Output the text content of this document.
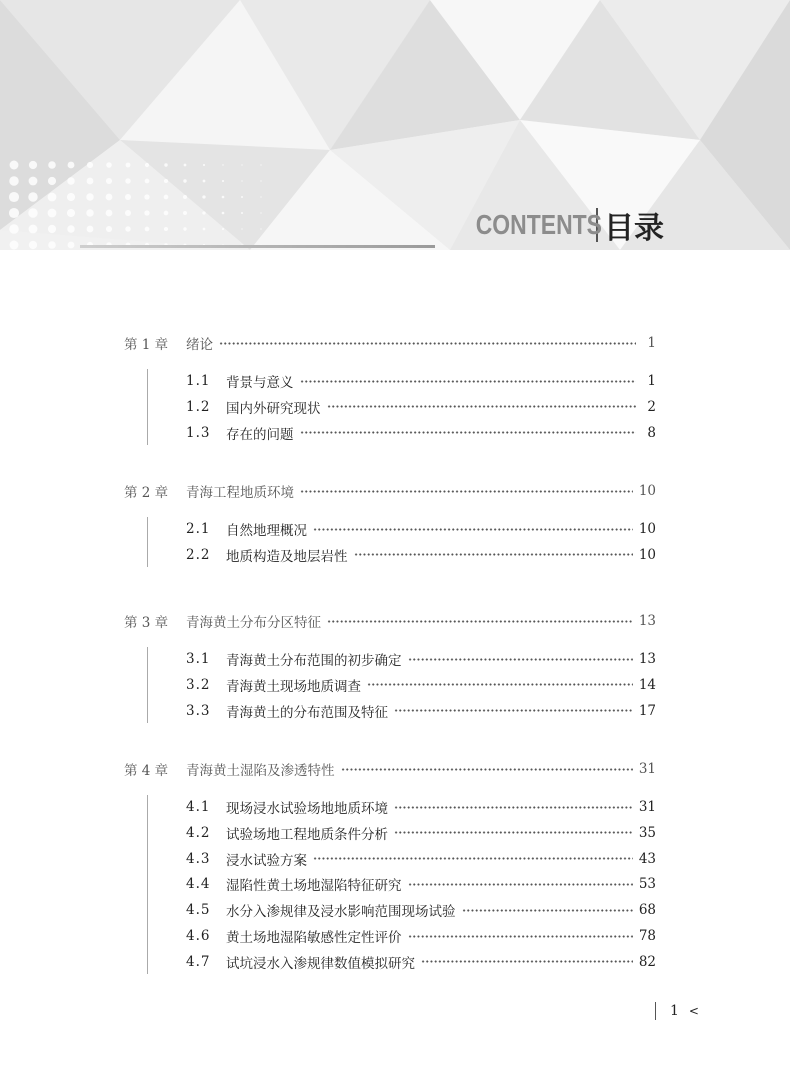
CONTENTS 目录
第 1 章	绪论	1
1.1	背景与意义	1
1.2	国内外研究现状	2
1.3	存在的问题	8
第 2 章	青海工程地质环境	10
2.1	自然地理概况	10
2.2	地质构造及地层岩性	10
第 3 章	青海黄土分布分区特征	13
3.1	青海黄土分布范围的初步确定	13
3.2	青海黄土现场地质调查	14
3.3	青海黄土的分布范围及特征	17
第 4 章	青海黄土湿陷及渗透特性	31
4.1	现场浸水试验场地地质环境	31
4.2	试验场地工程地质条件分析	35
4.3	浸水试验方案	43
4.4	湿陷性黄土场地湿陷特征研究	53
4.5	水分入渗规律及浸水影响范围现场试验	68
4.6	黄土场地湿陷敏感性定性评价	78
4.7	试坑浸水入渗规律数值模拟研究	82
1 <
